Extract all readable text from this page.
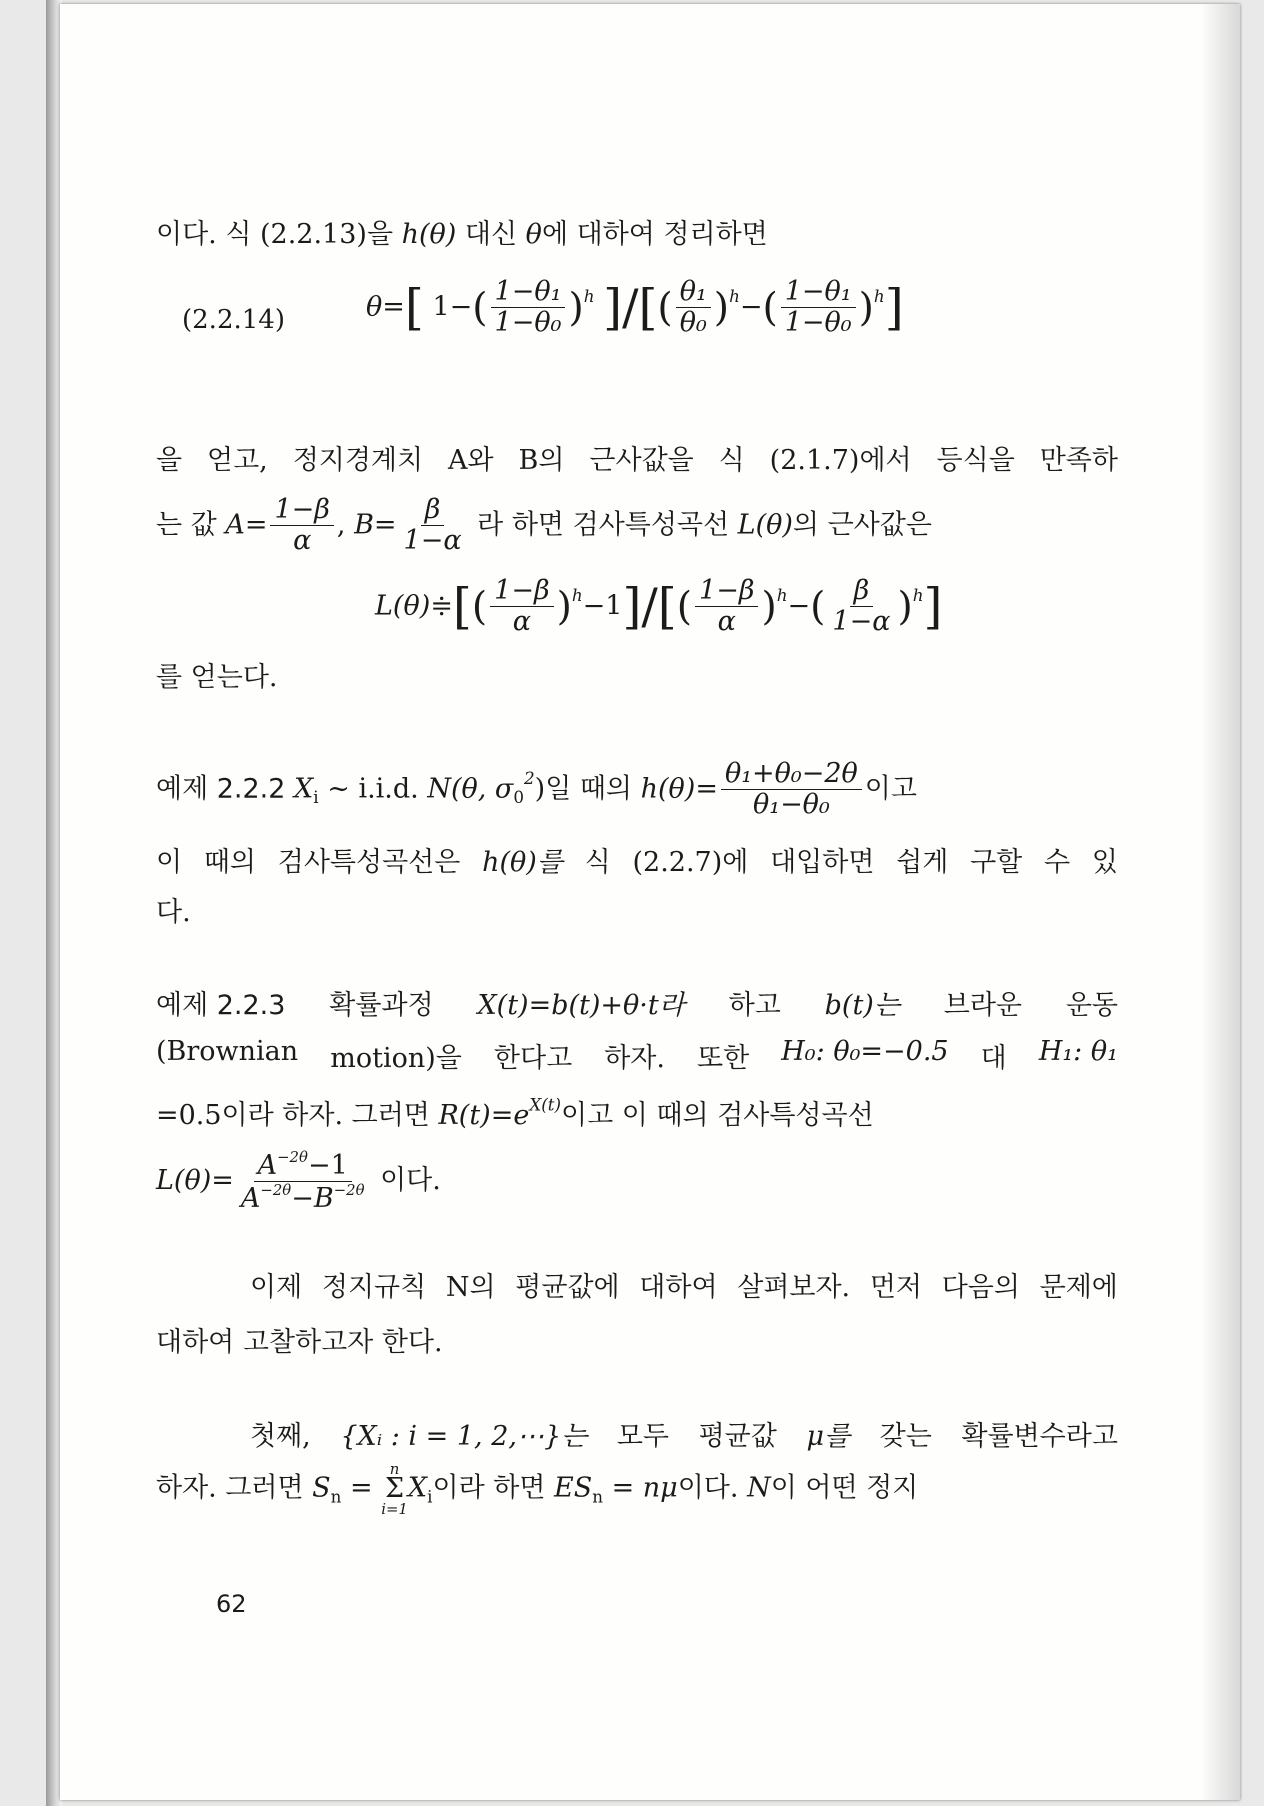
이다. 식 (2.2.13)을 h(θ) 대신 θ에 대하여 정리하면
(2.2.14)	θ=[ $1-( \frac{\text{1−θ₁}}{\text{1−θ₀}} )^h$ ]/[( $\frac{\text{θ₁}}{\text{θ₀}} )^h-( \frac{\text{1−θ₁}}{\text{1−θ₀}} )^h$]
을 얻고, 정지경계치 A와 B의 근사값을 식 (2.1.7)에서 등식을 만족하
는 값 $A= \frac{1-\beta}{\alpha}$ , $B= \frac{\beta}{1-\alpha}$ 라 하면 검사특성곡선 L(θ)의 근사값은
L(θ)≑[( $\frac{1-\beta}{\alpha} )^h-1]/[( \frac{1-\beta}{\alpha} )^h-( \frac{\beta}{1-\alpha} )^h]$
를 얻는다.
예제 2.2.2 $X_i$ ∼ i.i.d. N(θ, $\sigma_0^2$)일 때의 $h(\theta)= \frac{\text{θ₁+θ₀−2θ}}{\text{θ₁−θ₀}}$ 이고
이 때의 검사특성곡선은 h(θ)를 식 (2.2.7)에 대입하면 쉽게 구할 수 있
다.
예제 2.2.3 확률과정 X(t)=b(t)+θ·t라 하고 b(t)는 브라운 운동
(Brownian motion)을 한다고 하자. 또한 H₀: θ₀=−0.5 대 H₁: θ₁
=0.5이라 하자. 그러면 $R(t)=e^{X(t)}$이고 이 때의 검사특성곡선
$L(\theta)= \frac{A^{-2\theta}-1}{A^{-2\theta}-B^{-2\theta}}$ 이다.
이제 정지규칙 N의 평균값에 대하여 살펴보자. 먼저 다음의 문제에
대하여 고찰하고자 한다.
첫째, {Xᵢ : i = 1, 2,⋯}는 모두 평균값 μ를 갖는 확률변수라고
하자. 그러면 $S_n$ =
n
Σ
i=1
$X_i$이라 하면 $ES_n = n\mu$이다. N이 어떤 정지
62
